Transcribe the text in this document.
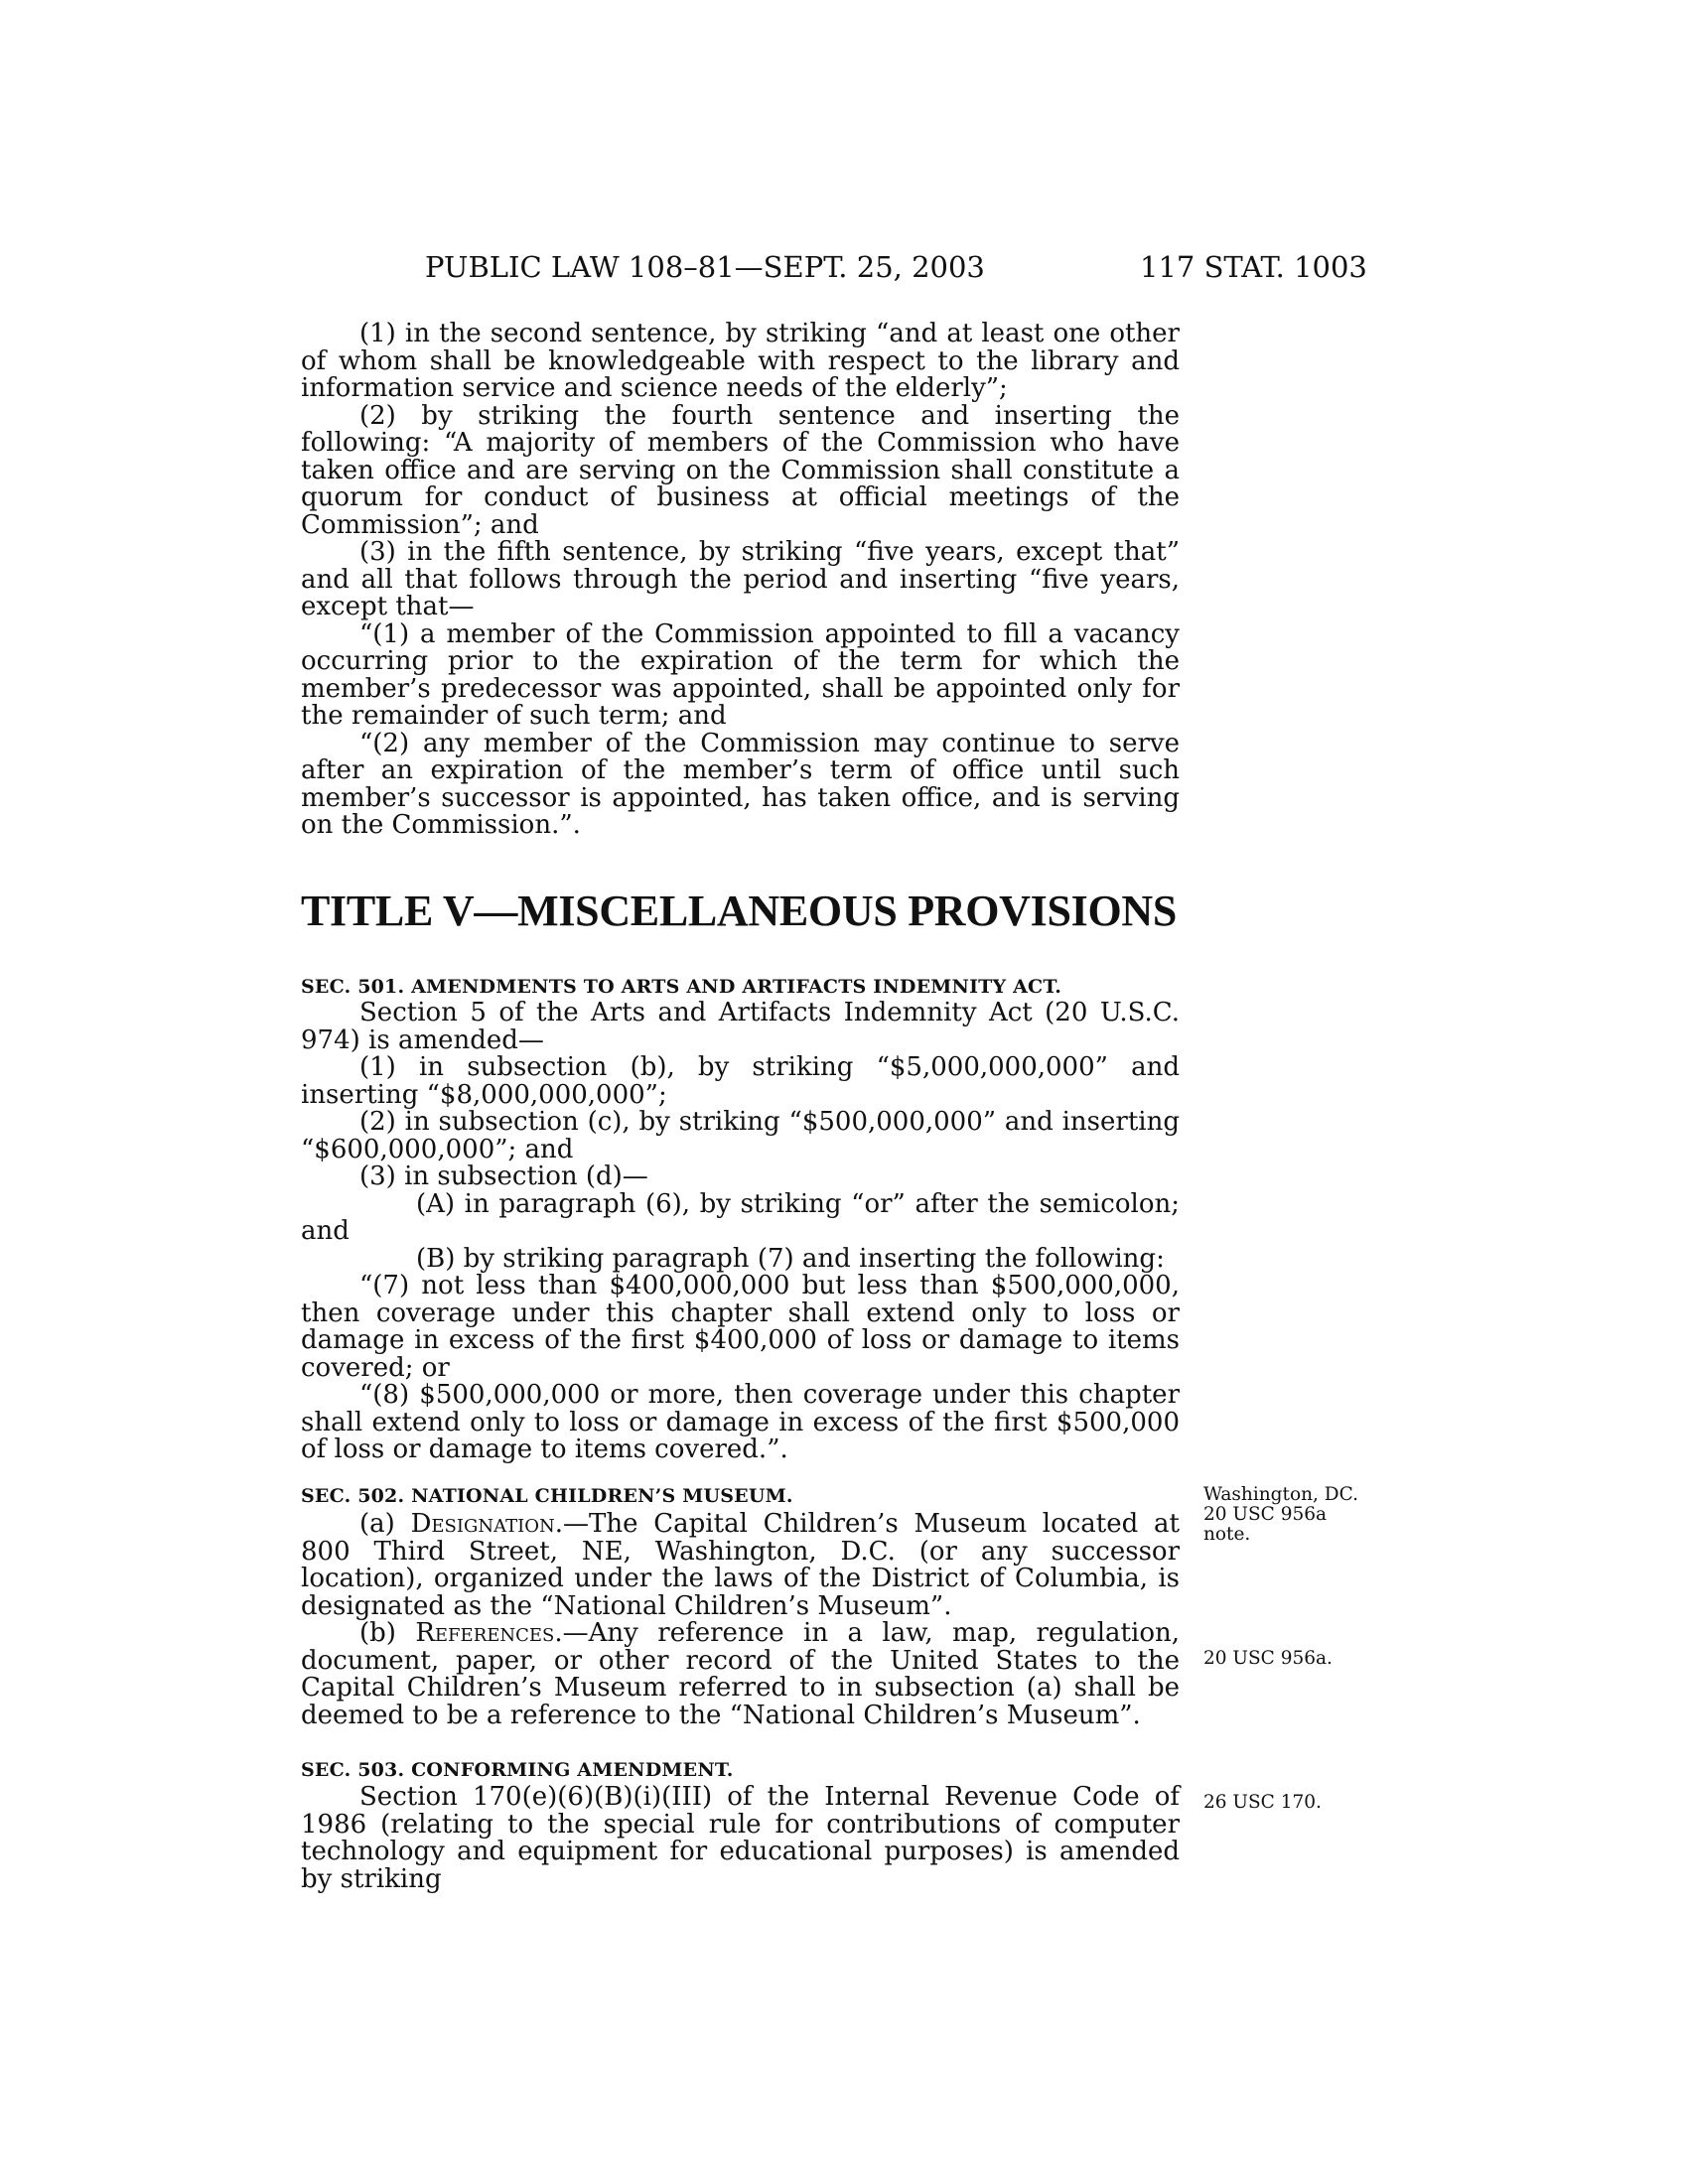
PUBLIC LAW 108–81—SEPT. 25, 2003	117 STAT. 1003

(1) in the second sentence, by striking “and at least one other of whom shall be knowledgeable with respect to the library and information service and science needs of the elderly”;

(2) by striking the fourth sentence and inserting the following: “A majority of members of the Commission who have taken office and are serving on the Commission shall constitute a quorum for conduct of business at official meetings of the Commission”; and

(3) in the fifth sentence, by striking “five years, except that” and all that follows through the period and inserting “five years, except that—

“(1) a member of the Commission appointed to fill a vacancy occurring prior to the expiration of the term for which the member’s predecessor was appointed, shall be appointed only for the remainder of such term; and

“(2) any member of the Commission may continue to serve after an expiration of the member’s term of office until such member’s successor is appointed, has taken office, and is serving on the Commission.”.

TITLE V—MISCELLANEOUS PROVISIONS
SEC. 501. AMENDMENTS TO ARTS AND ARTIFACTS INDEMNITY ACT.

Section 5 of the Arts and Artifacts Indemnity Act (20 U.S.C. 974) is amended—

(1) in subsection (b), by striking “$5,000,000,000” and inserting “$8,000,000,000”;

(2) in subsection (c), by striking “$500,000,000” and inserting “$600,000,000”; and

(3) in subsection (d)—

(A) in paragraph (6), by striking “or” after the semicolon; and

(B) by striking paragraph (7) and inserting the following:

“(7) not less than $400,000,000 but less than $500,000,000, then coverage under this chapter shall extend only to loss or damage in excess of the first $400,000 of loss or damage to items covered; or

“(8) $500,000,000 or more, then coverage under this chapter shall extend only to loss or damage in excess of the first $500,000 of loss or damage to items covered.”.

SEC. 502. NATIONAL CHILDREN’S MUSEUM.

(a) Designation.—The Capital Children’s Museum located at 800 Third Street, NE, Washington, D.C. (or any successor location), organized under the laws of the District of Columbia, is designated as the “National Children’s Museum”.

(b) References.—Any reference in a law, map, regulation, document, paper, or other record of the United States to the Capital Children’s Museum referred to in subsection (a) shall be deemed to be a reference to the “National Children’s Museum”.

Washington, DC.
20 USC 956a
note.
20 USC 956a.
SEC. 503. CONFORMING AMENDMENT.

Section 170(e)(6)(B)(i)(III) of the Internal Revenue Code of 1986 (relating to the special rule for contributions of computer technology and equipment for educational purposes) is amended by striking

26 USC 170.
